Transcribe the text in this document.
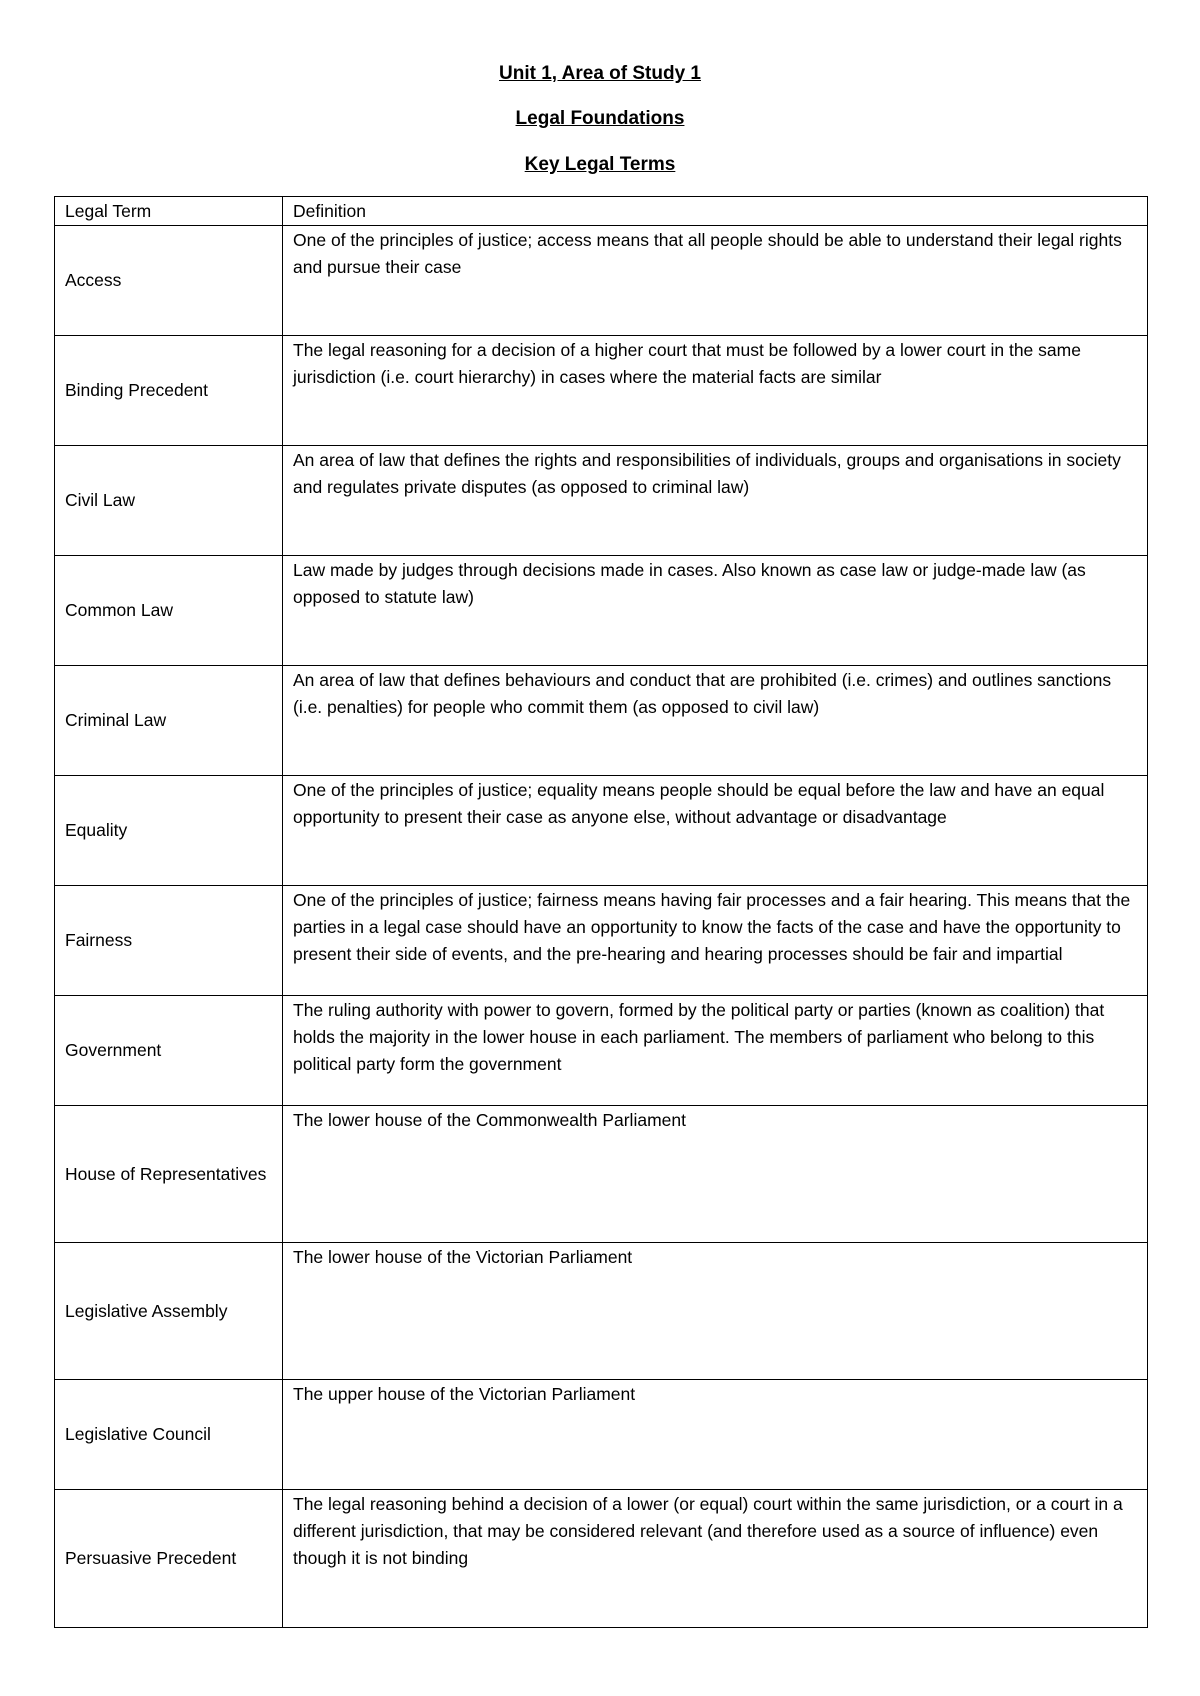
Unit 1, Area of Study 1
Legal Foundations
Key Legal Terms
Legal Term	Definition
Access	One of the principles of justice; access means that all people should be able to understand their legal rights and pursue their case
Binding Precedent	The legal reasoning for a decision of a higher court that must be followed by a lower court in the same jurisdiction (i.e. court hierarchy) in cases where the material facts are similar
Civil Law	An area of law that defines the rights and responsibilities of individuals, groups and organisations in society and regulates private disputes (as opposed to criminal law)
Common Law	Law made by judges through decisions made in cases. Also known as case law or judge-made law (as opposed to statute law)
Criminal Law	An area of law that defines behaviours and conduct that are prohibited (i.e. crimes) and outlines sanctions (i.e. penalties) for people who commit them (as opposed to civil law)
Equality	One of the principles of justice; equality means people should be equal before the law and have an equal opportunity to present their case as anyone else, without advantage or disadvantage
Fairness	One of the principles of justice; fairness means having fair processes and a fair hearing. This means that the parties in a legal case should have an opportunity to know the facts of the case and have the opportunity to present their side of events, and the pre-hearing and hearing processes should be fair and impartial
Government	The ruling authority with power to govern, formed by the political party or parties (known as coalition) that holds the majority in the lower house in each parliament. The members of parliament who belong to this political party form the government
House of Representatives	The lower house of the Commonwealth Parliament
Legislative Assembly	The lower house of the Victorian Parliament
Legislative Council	The upper house of the Victorian Parliament
Persuasive Precedent	The legal reasoning behind a decision of a lower (or equal) court within the same jurisdiction, or a court in a different jurisdiction, that may be considered relevant (and therefore used as a source of influence) even though it is not binding
